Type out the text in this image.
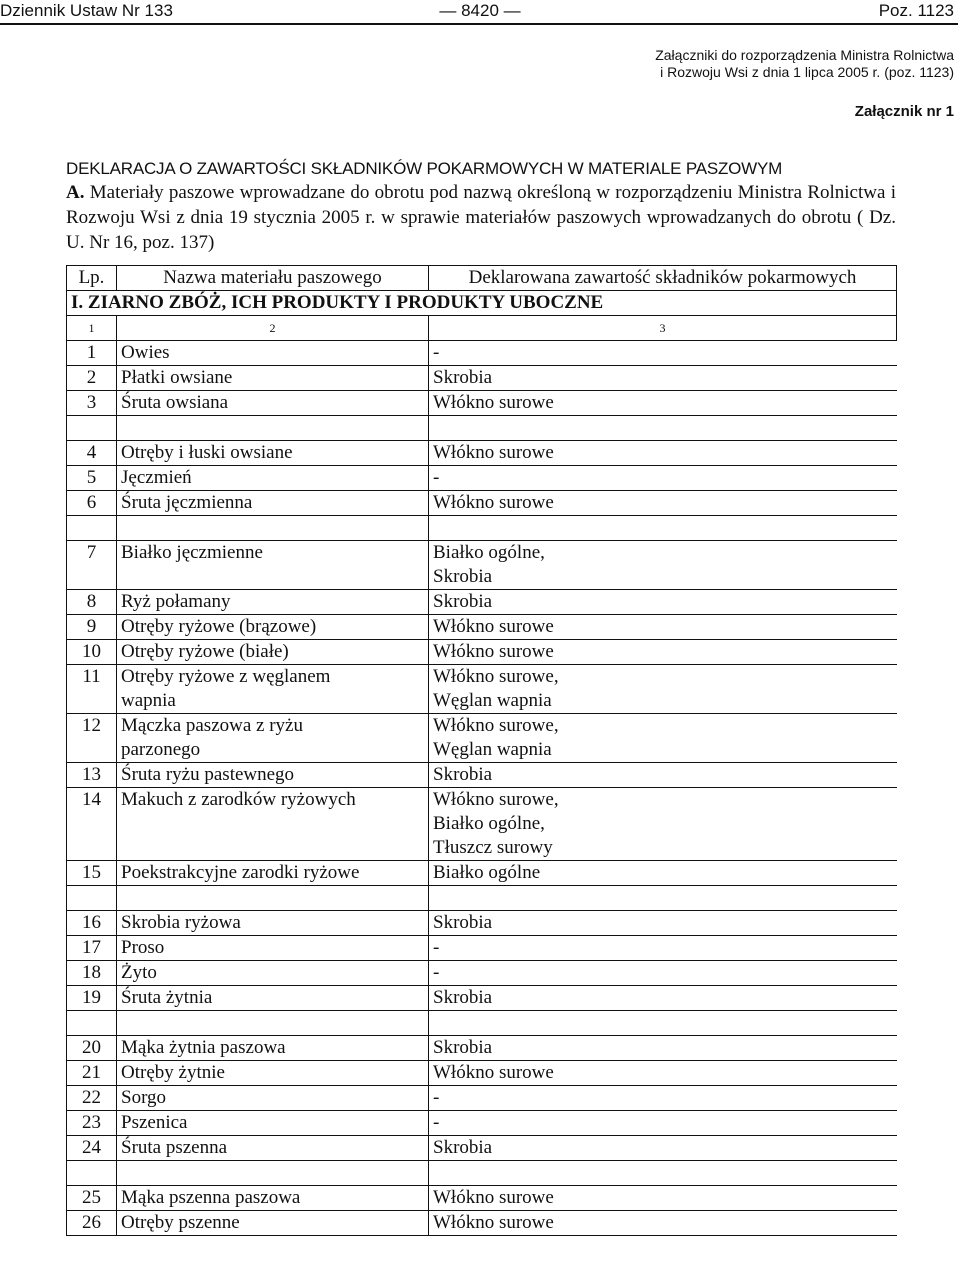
Dziennik Ustaw Nr 133	— 8420 —	Poz. 1123
Załączniki do rozporządzenia Ministra Rolnictwa
i Rozwoju Wsi z dnia 1 lipca 2005 r. (poz. 1123)
Załącznik nr 1
DEKLARACJA O ZAWARTOŚCI SKŁADNIKÓW POKARMOWYCH W MATERIALE PASZOWYM
A. Materiały paszowe wprowadzane do obrotu pod nazwą określoną w rozporządzeniu Ministra Rolnictwa i Rozwoju Wsi z dnia 19 stycznia 2005 r. w sprawie materiałów paszowych wprowadzanych do obrotu ( Dz. U. Nr 16, poz. 137)
Lp.	Nazwa materiału paszowego	Deklarowana zawartość składników pokarmowych
I. ZIARNO ZBÓŻ, ICH PRODUKTY I PRODUKTY UBOCZNE		
1	2	3
1	Owies	-
2	Płatki owsiane	Skrobia
3	Śruta owsiana	Włókno surowe

4	Otręby i łuski owsiane	Włókno surowe
5	Jęczmień	-
6	Śruta jęczmienna	Włókno surowe

7	Białko jęczmienne	Białko ogólne,
Skrobia
8	Ryż połamany	Skrobia
9	Otręby ryżowe (brązowe)	Włókno surowe
10	Otręby ryżowe (białe)	Włókno surowe
11	Otręby ryżowe z węglanem
wapnia	Włókno surowe,
Węglan wapnia
12	Mączka paszowa z ryżu
parzonego	Włókno surowe,
Węglan wapnia
13	Śruta ryżu pastewnego	Skrobia
14	Makuch z zarodków ryżowych	Włókno surowe,
Białko ogólne,
Tłuszcz surowy
15	Poekstrakcyjne zarodki ryżowe	Białko ogólne

16	Skrobia ryżowa	Skrobia
17	Proso	-
18	Żyto	-
19	Śruta żytnia	Skrobia

20	Mąka żytnia paszowa	Skrobia
21	Otręby żytnie	Włókno surowe
22	Sorgo	-
23	Pszenica	-
24	Śruta pszenna	Skrobia

25	Mąka pszenna paszowa	Włókno surowe
26	Otręby pszenne	Włókno surowe
